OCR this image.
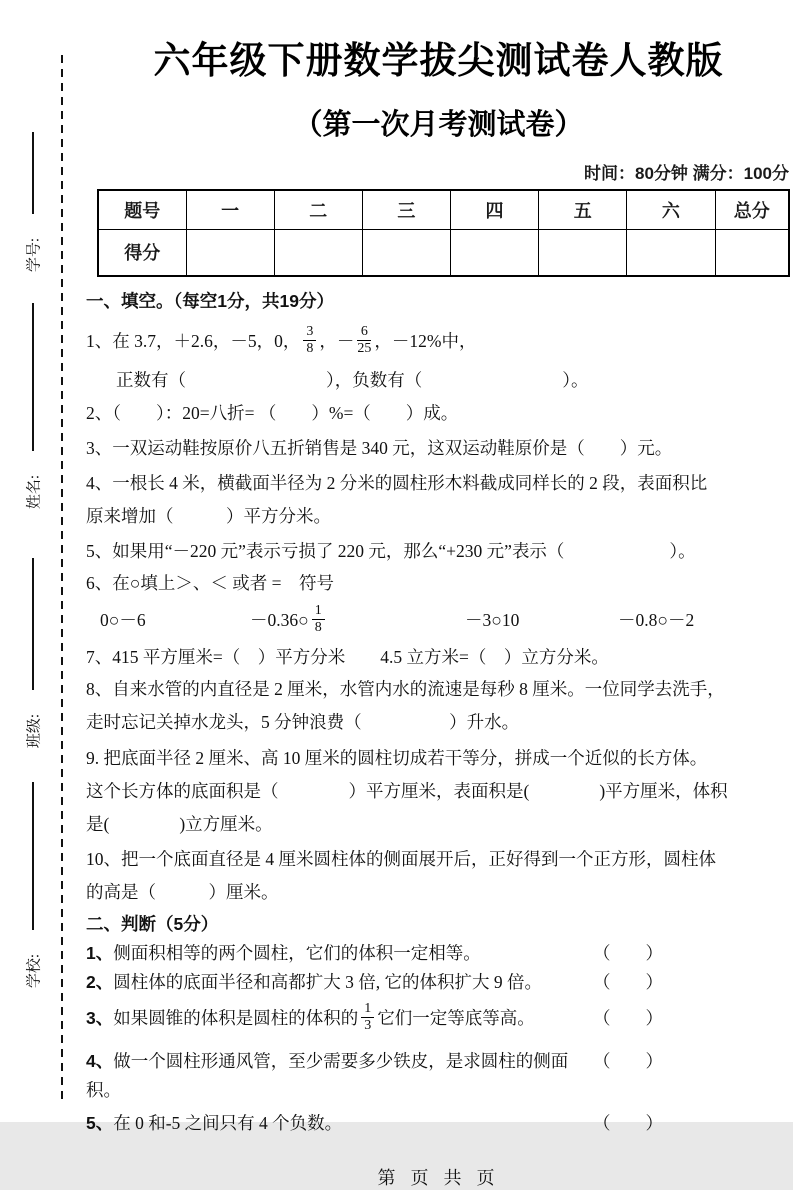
学号:
姓名:
班级:
学校:
六年级下册数学拔尖测试卷人教版
（第一次月考测试卷）
时间：80分钟 满分：100分
题号	一	二	三	四	五	六	总分
得分							
一、填空。（每空1分，共19分）
1、在 3.7，＋2.6，－5，0， $\frac{3}{8}$ ，－ $\frac{6}{25}$ ，－12%中，
正数有（　　　　　　　　），负数有（　　　　　　　　）。
2、（　　）：20=八折= （　　）%=（　　）成。
3、一双运动鞋按原价八五折销售是 340 元，这双运动鞋原价是（　　）元。
4、一根长 4 米，横截面半径为 2 分米的圆柱形木料截成同样长的 2 段，表面积比
原来增加（　　　）平方分米。
5、如果用“－220 元”表示亏损了 220 元，那么“+230 元”表示（　　　　　　）。
6、在○填上＞、＜ 或者 =　符号
0○－6	－0.36○ $\frac{1}{8}$	－3○10	－0.8○－2
7、415 平方厘米=（　）平方分米　　4.5 立方米=（　）立方分米。
8、自来水管的内直径是 2 厘米，水管内水的流速是每秒 8 厘米。一位同学去洗手，
走时忘记关掉水龙头，5 分钟浪费（　　　　　）升水。
9. 把底面半径 2 厘米、高 10 厘米的圆柱切成若干等分，拼成一个近似的长方体。
这个长方体的底面积是（　　　　）平方厘米，表面积是(　　　　)平方厘米，体积
是(　　　　)立方厘米。
10、把一个底面直径是 4 厘米圆柱体的侧面展开后，正好得到一个正方形，圆柱体
的高是（　　　）厘米。
二、判断（5分）
1、侧面积相等的两个圆柱，它们的体积一定相等。	（　　）
2、圆柱体的底面半径和高都扩大 3 倍, 它的体积扩大 9 倍。	（　　）
3、如果圆锥的体积是圆柱的体积的 $\frac{1}{3}$ 它们一定等底等高。	（　　）
4、做一个圆柱形通风管，至少需要多少铁皮，是求圆柱的侧面积。
（　　）
5、在 0 和-5 之间只有 4 个负数。	（　　）
第 页 共 页
